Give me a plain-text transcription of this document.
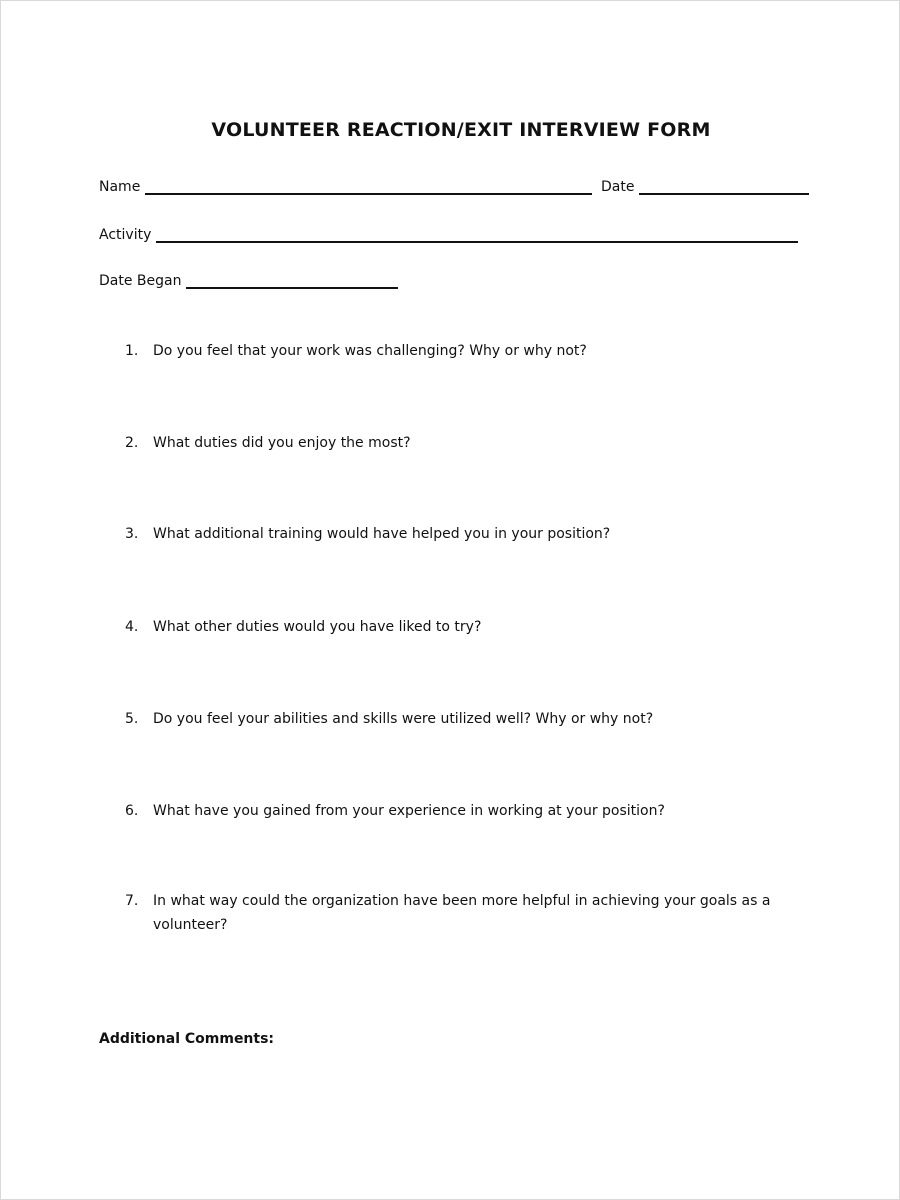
VOLUNTEER REACTION/EXIT INTERVIEW FORM
Name	Date
Activity
Date Began
1.	Do you feel that your work was challenging? Why or why not?
2.	What duties did you enjoy the most?
3.	What additional training would have helped you in your position?
4.	What other duties would you have liked to try?
5.	Do you feel your abilities and skills were utilized well? Why or why not?
6.	What have you gained from your experience in working at your position?
7.	In what way could the organization have been more helpful in achieving your goals as a volunteer?
Additional Comments:
